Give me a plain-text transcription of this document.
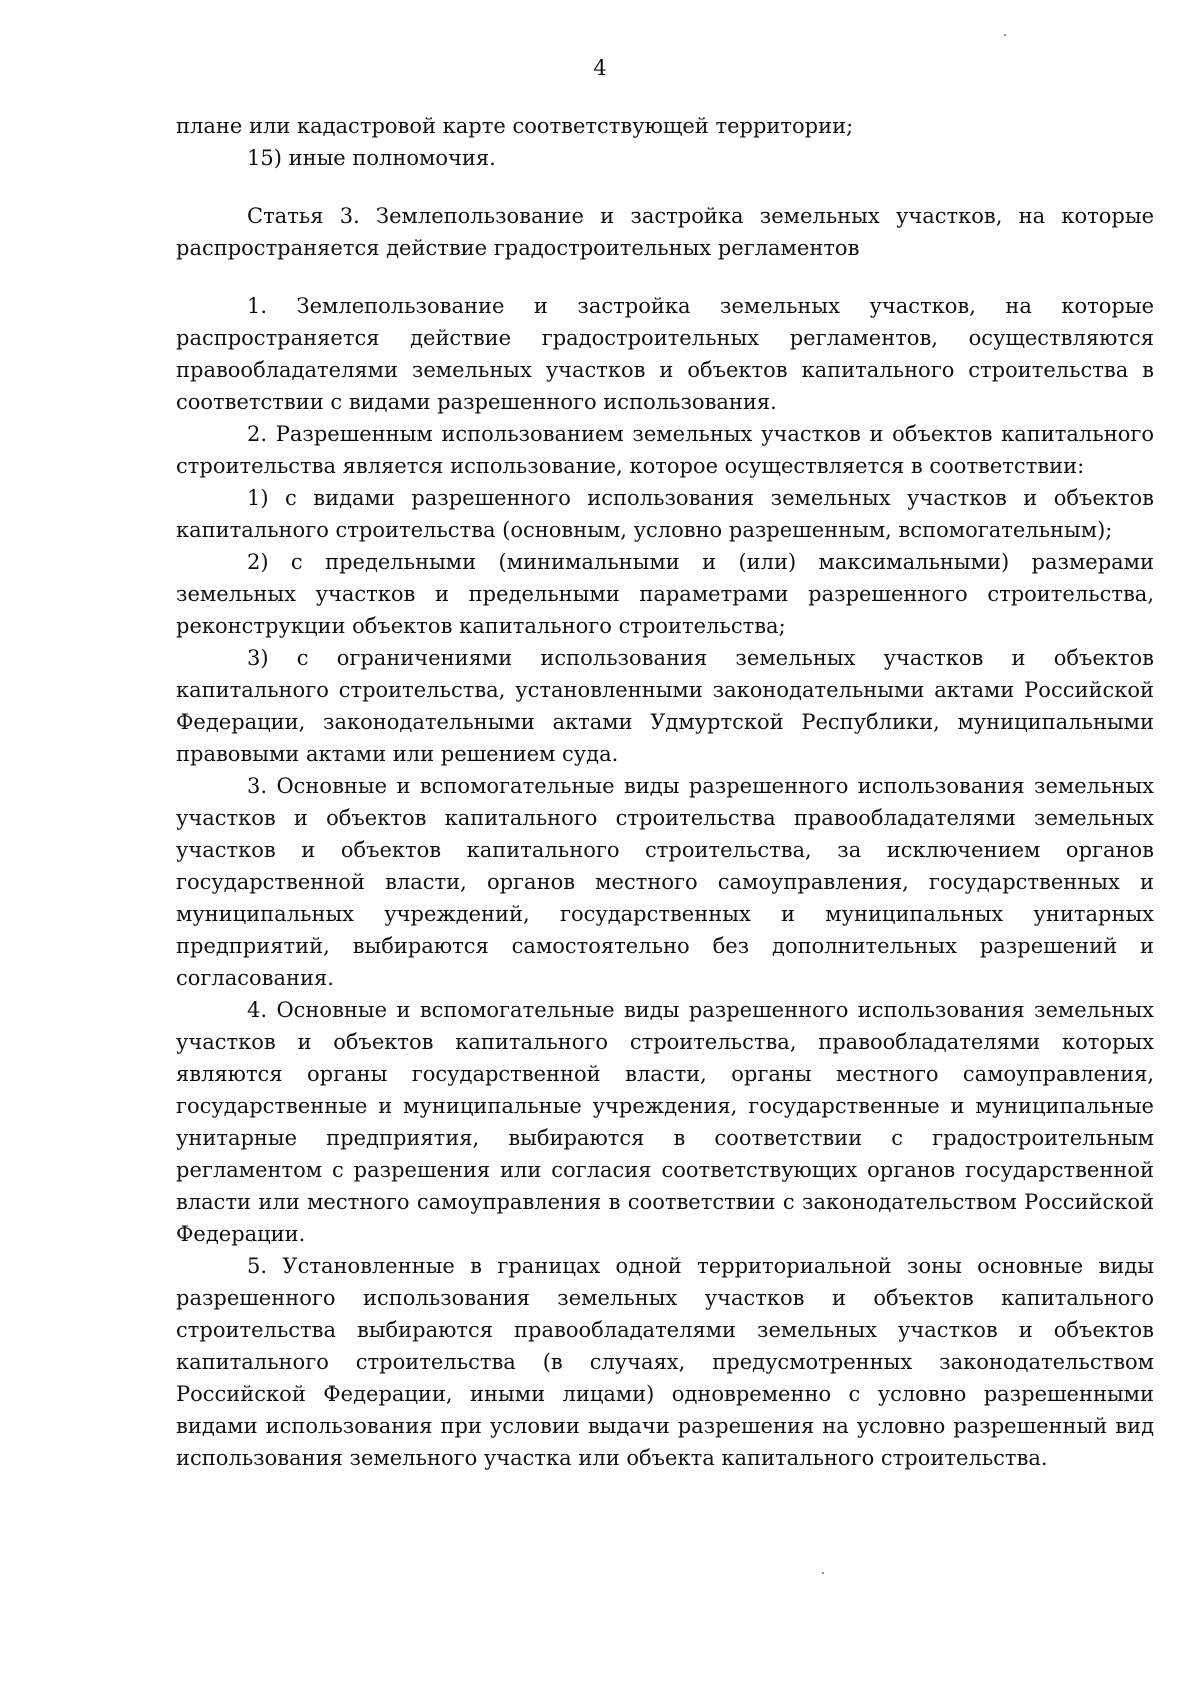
4

плане или кадастровой карте соответствующей территории;

15) иные полномочия.

Статья 3. Землепользование и застройка земельных участков, на которые распространяется действие градостроительных регламентов

1. Землепользование и застройка земельных участков, на которые распространяется действие градостроительных регламентов, осуществляются правообладателями земельных участков и объектов капитального строительства в соответствии с видами разрешенного использования.

2. Разрешенным использованием земельных участков и объектов капитального строительства является использование, которое осуществляется в соответствии:

1) с видами разрешенного использования земельных участков и объектов капитального строительства (основным, условно разрешенным, вспомогательным);

2) с предельными (минимальными и (или) максимальными) размерами земельных участков и предельными параметрами разрешенного строительства, реконструкции объектов капитального строительства;

3) с ограничениями использования земельных участков и объектов капитального строительства, установленными законодательными актами Российской Федерации, законодательными актами Удмуртской Республики, муниципальными правовыми актами или решением суда.

3. Основные и вспомогательные виды разрешенного использования земельных участков и объектов капитального строительства правообладателями земельных участков и объектов капитального строительства, за исключением органов государственной власти, органов местного самоуправления, государственных и муниципальных учреждений, государственных и муниципальных унитарных предприятий, выбираются самостоятельно без дополнительных разрешений и согласования.

4. Основные и вспомогательные виды разрешенного использования земельных участков и объектов капитального строительства, правообладателями которых являются органы государственной власти, органы местного самоуправления, государственные и муниципальные учреждения, государственные и муниципальные унитарные предприятия, выбираются в соответствии с градостроительным регламентом с разрешения или согласия соответствующих органов государственной власти или местного самоуправления в соответствии с законодательством Российской Федерации.

5. Установленные в границах одной территориальной зоны основные виды разрешенного использования земельных участков и объектов капитального строительства выбираются правообладателями земельных участков и объектов капитального строительства (в случаях, предусмотренных законодательством Российской Федерации, иными лицами) одновременно с условно разрешенными видами использования при условии выдачи разрешения на условно разрешенный вид использования земельного участка или объекта капитального строительства.
